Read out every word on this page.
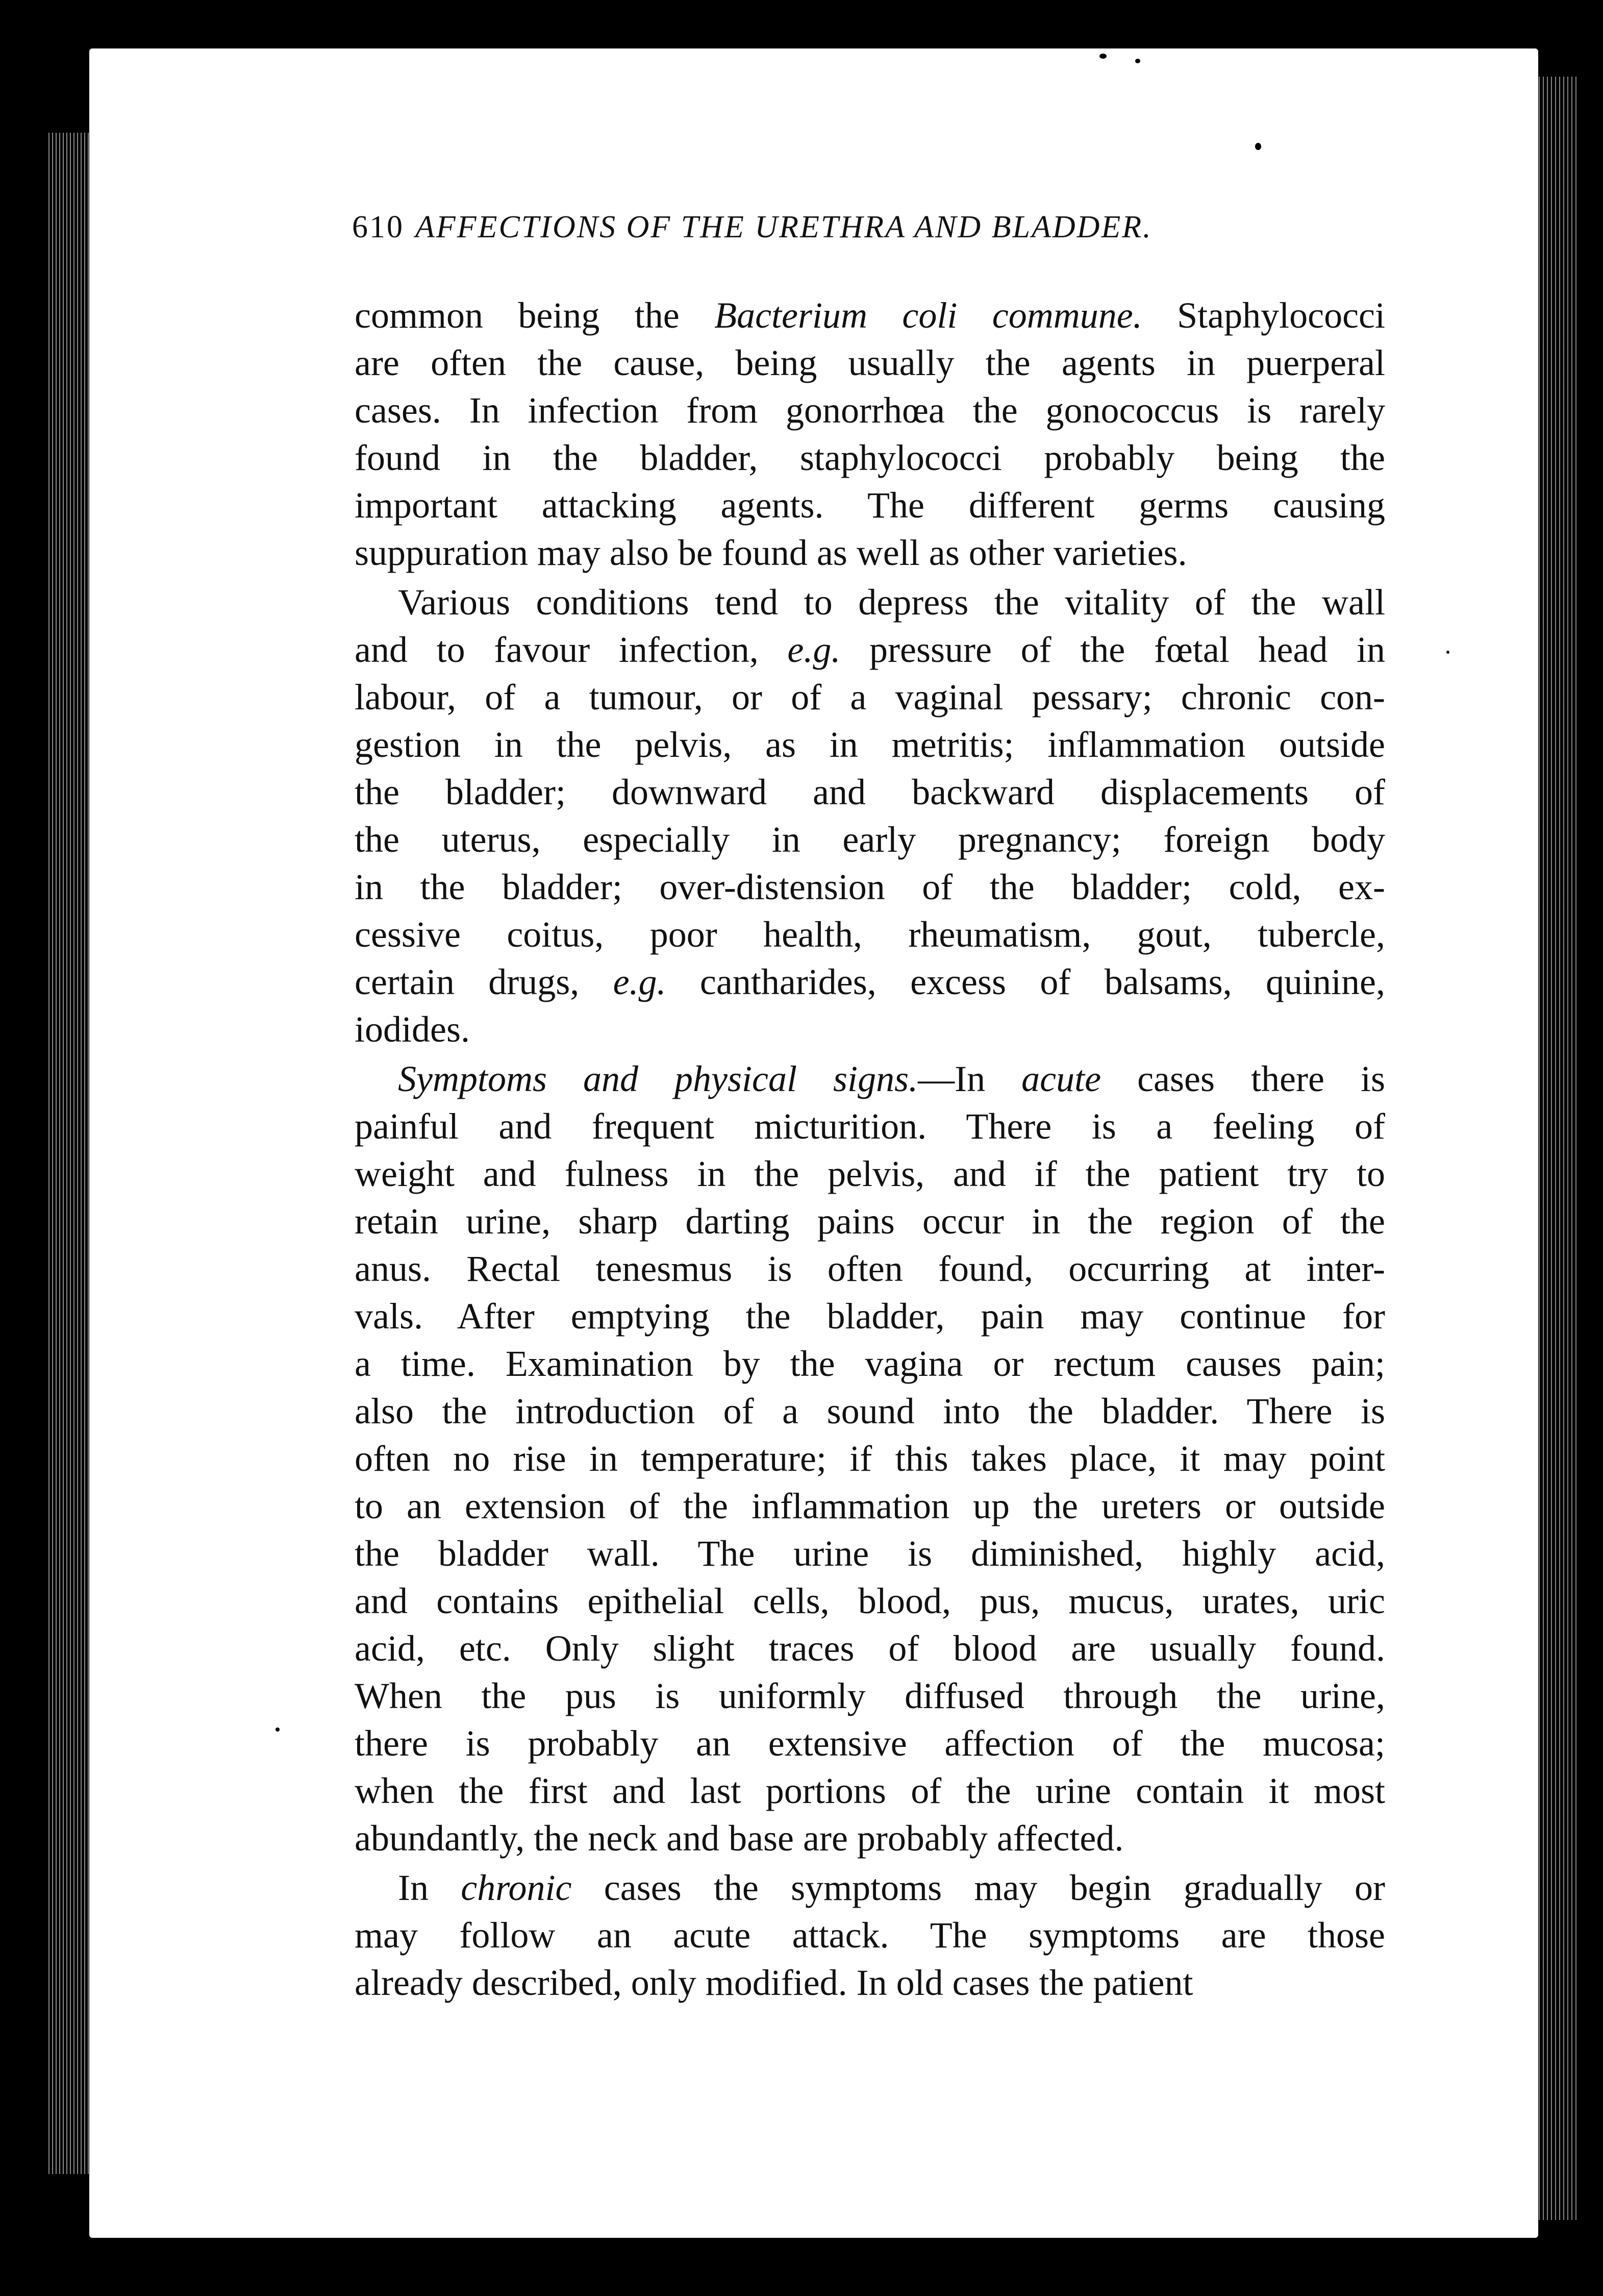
610 AFFECTIONS OF THE URETHRA AND BLADDER.
common being the Bacterium coli commune. Staphylococci
are often the cause, being usually the agents in puerperal
cases. In infection from gonorrhœa the gonococcus is rarely
found in the bladder, staphylococci probably being the
important attacking agents. The different germs causing
suppuration may also be found as well as other varieties.
Various conditions tend to depress the vitality of the wall
and to favour infection, e.g. pressure of the fœtal head in
labour, of a tumour, or of a vaginal pessary; chronic con-
gestion in the pelvis, as in metritis; inflammation outside
the bladder; downward and backward displacements of
the uterus, especially in early pregnancy; foreign body
in the bladder; over-distension of the bladder; cold, ex-
cessive coitus, poor health, rheumatism, gout, tubercle,
certain drugs, e.g. cantharides, excess of balsams, quinine,
iodides.
Symptoms and physical signs.—In acute cases there is
painful and frequent micturition. There is a feeling of
weight and fulness in the pelvis, and if the patient try to
retain urine, sharp darting pains occur in the region of the
anus. Rectal tenesmus is often found, occurring at inter-
vals. After emptying the bladder, pain may continue for
a time. Examination by the vagina or rectum causes pain;
also the introduction of a sound into the bladder. There is
often no rise in temperature; if this takes place, it may point
to an extension of the inflammation up the ureters or outside
the bladder wall. The urine is diminished, highly acid,
and contains epithelial cells, blood, pus, mucus, urates, uric
acid, etc. Only slight traces of blood are usually found.
When the pus is uniformly diffused through the urine,
there is probably an extensive affection of the mucosa;
when the first and last portions of the urine contain it most
abundantly, the neck and base are probably affected.
In chronic cases the symptoms may begin gradually or
may follow an acute attack. The symptoms are those
already described, only modified. In old cases the patient
